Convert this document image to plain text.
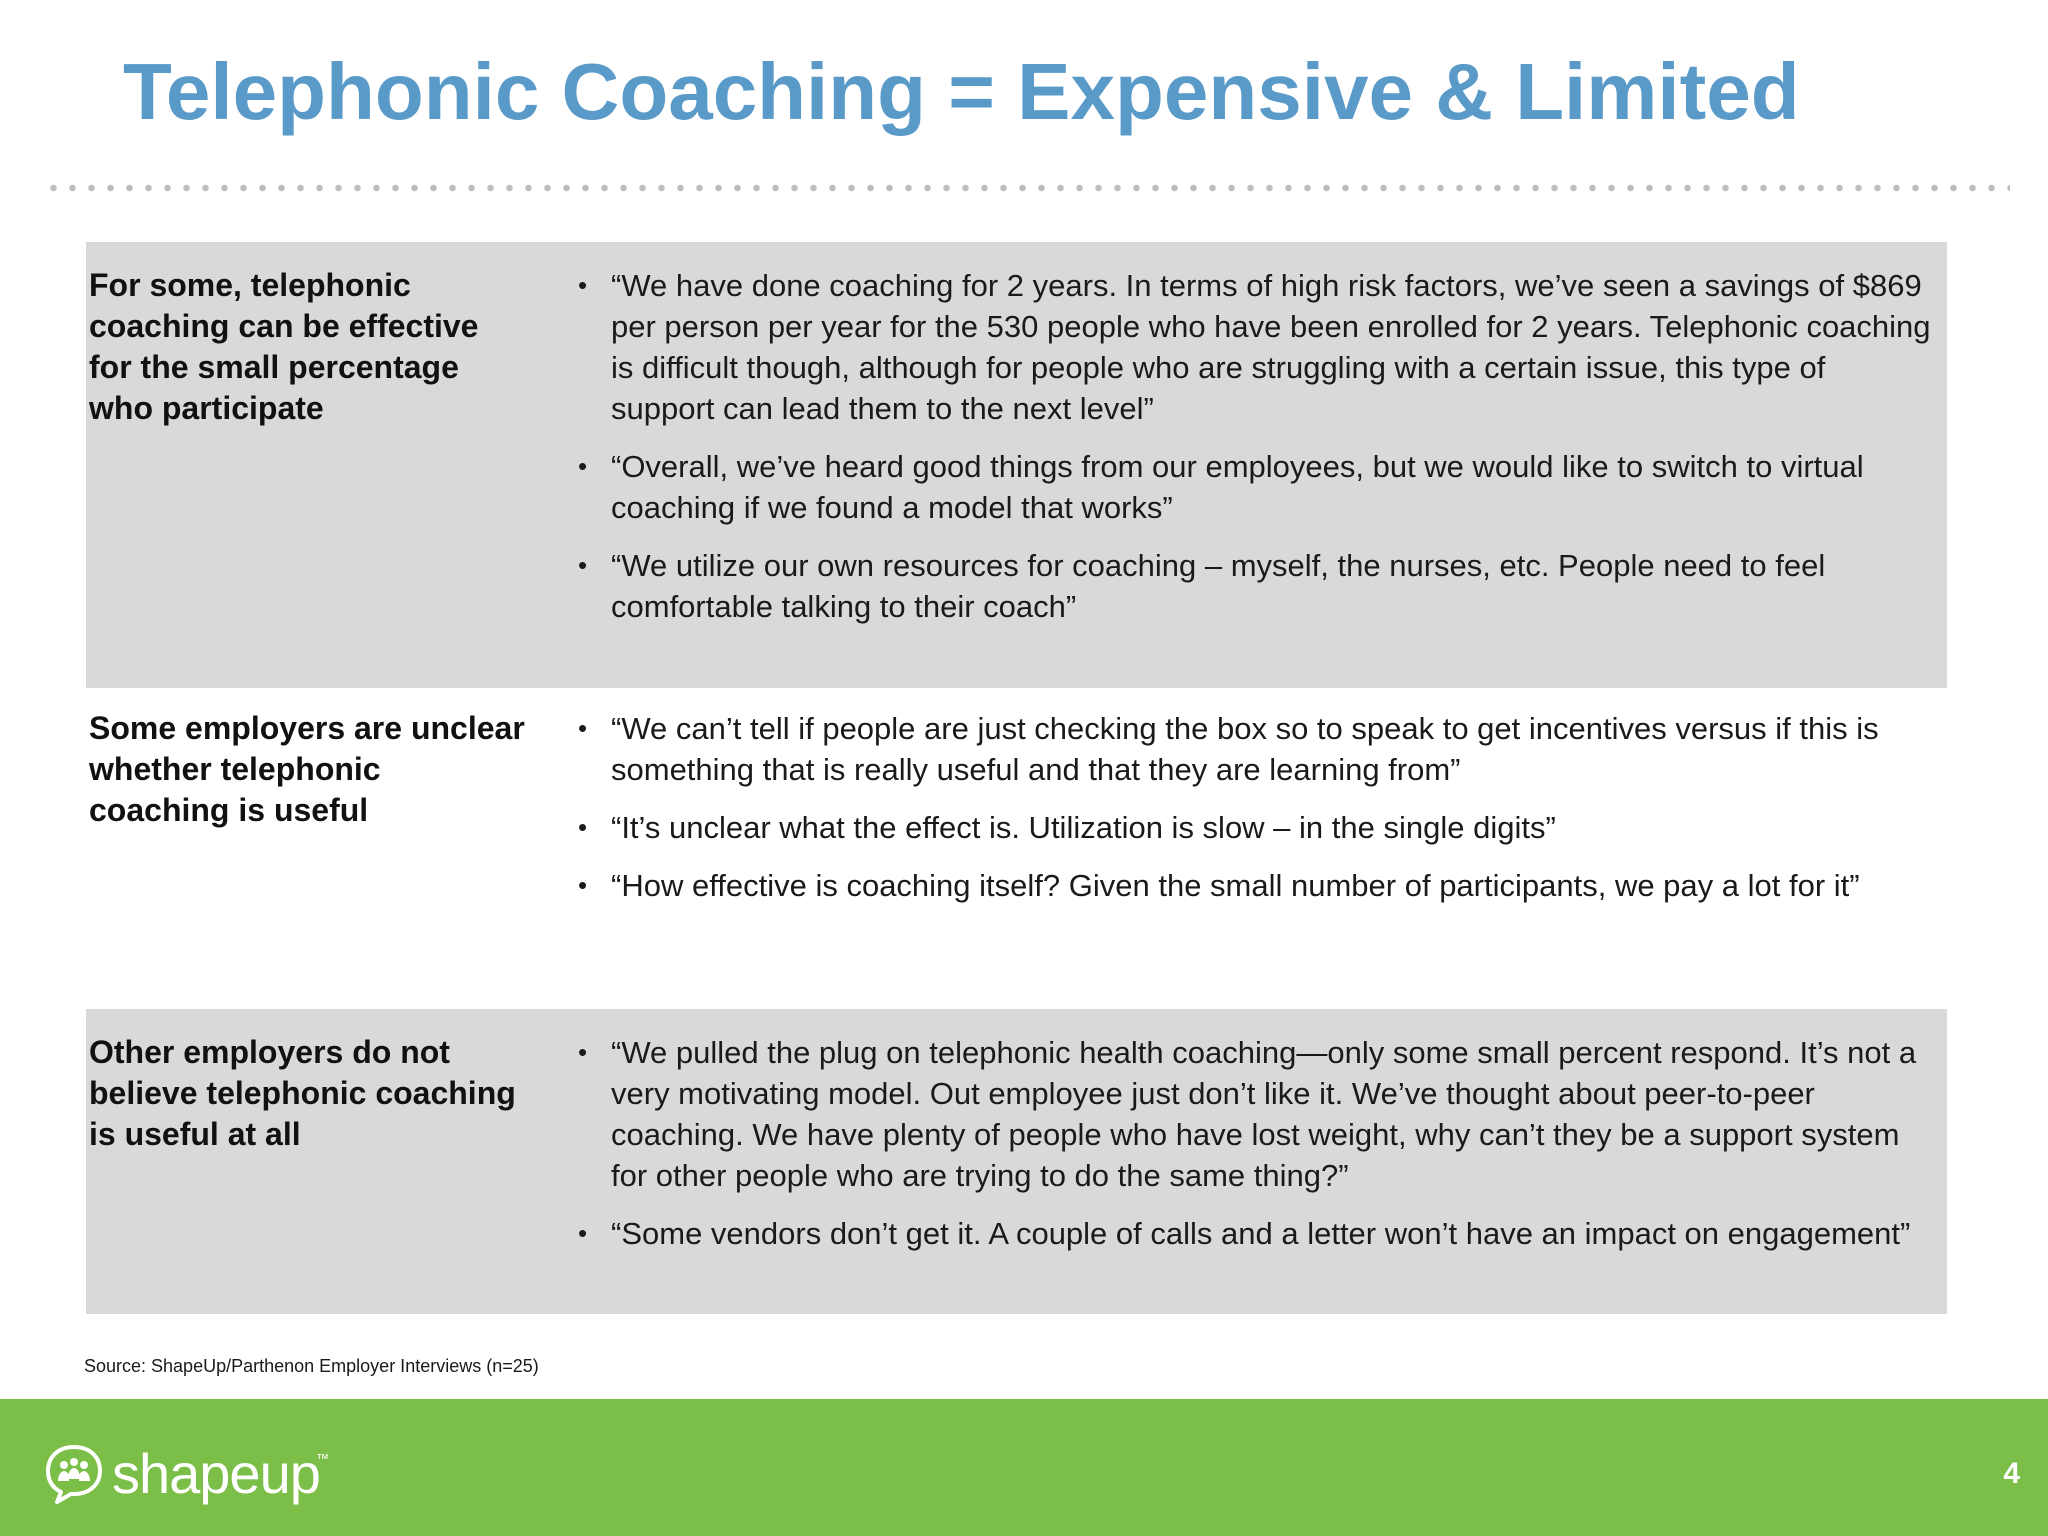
Telephonic Coaching = Expensive & Limited
For some, telephonic coaching can be effective for the small percentage who participate
• “We have done coaching for 2 years. In terms of high risk factors, we’ve seen a savings of $869 per person per year for the 530 people who have been enrolled for 2 years. Telephonic coaching is difficult though, although for people who are struggling with a certain issue, this type of support can lead them to the next level”
• “Overall, we’ve heard good things from our employees, but we would like to switch to virtual coaching if we found a model that works”
• “We utilize our own resources for coaching – myself, the nurses, etc. People need to feel comfortable talking to their coach”
Some employers are unclear whether telephonic coaching is useful
• “We can’t tell if people are just checking the box so to speak to get incentives versus if this is something that is really useful and that they are learning from”
• “It’s unclear what the effect is. Utilization is slow – in the single digits”
• “How effective is coaching itself? Given the small number of participants, we pay a lot for it”
Other employers do not believe telephonic coaching is useful at all
• “We pulled the plug on telephonic health coaching—only some small percent respond. It’s not a very motivating model. Out employee just don’t like it. We’ve thought about peer-to-peer coaching. We have plenty of people who have lost weight, why can’t they be a support system for other people who are trying to do the same thing?”
• “Some vendors don’t get it. A couple of calls and a letter won’t have an impact on engagement”
Source: ShapeUp/Parthenon Employer Interviews (n=25)
shapeup
™	4
